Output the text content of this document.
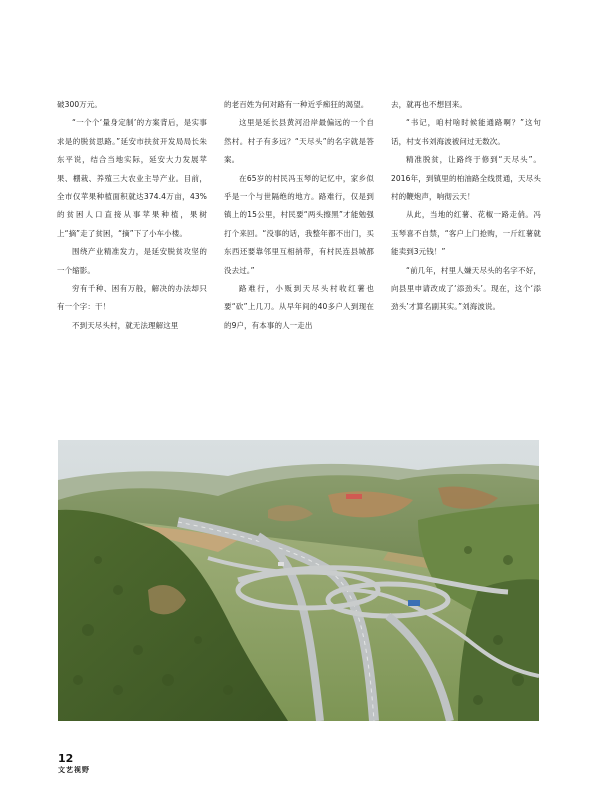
破300万元。

“一个个‘量身定制’的方案背后，是实事求是的脱贫思路。”延安市扶贫开发局局长朱东平说，结合当地实际，延安大力发展苹果、棚栽、养殖三大农业主导产业。目前，全市仅苹果种植面积就达374.4万亩，43%的贫困人口直接从事苹果种植，果树上“摘”走了贫困，“摘”下了小车小楼。

围绕产业精准发力，是延安脱贫攻坚的一个缩影。

穷有千种、困有万般，解决的办法却只有一个字：干！

不到天尽头村，就无法理解这里

的老百姓为何对路有一种近乎痴狂的渴望。

这里是延长县黄河沿岸最偏远的一个自然村。村子有多远？“天尽头”的名字就是答案。

在65岁的村民冯玉琴的记忆中，家乡似乎是一个与世隔绝的地方。路难行，仅是到镇上的15公里，村民要“两头擦黑”才能勉强打个来回。“没事的话，我整年都不出门，买东西还要靠邻里互相捎带，有村民连县城都没去过。”

路难行，小贩到天尽头村收红薯也要“砍”上几刀。从早年间的40多户人到现在的9户，有本事的人一走出

去，就再也不想回来。

“书记，咱村啥时候能通路啊？”这句话，村支书刘海波被问过无数次。

精准脱贫，让路终于修到“天尽头”。2016年，到镇里的柏油路全线贯通，天尽头村的鞭炮声，响彻云天！

从此，当地的红薯、花椒一路走俏。冯玉琴喜不自禁，“客户上门抢购，一斤红薯就能卖到3元钱！”

“前几年，村里人嫌天尽头的名字不好，向县里申请改成了‘添劲头’。现在，这个‘添劲头’才算名副其实。”刘海波说。

12
文艺视野
